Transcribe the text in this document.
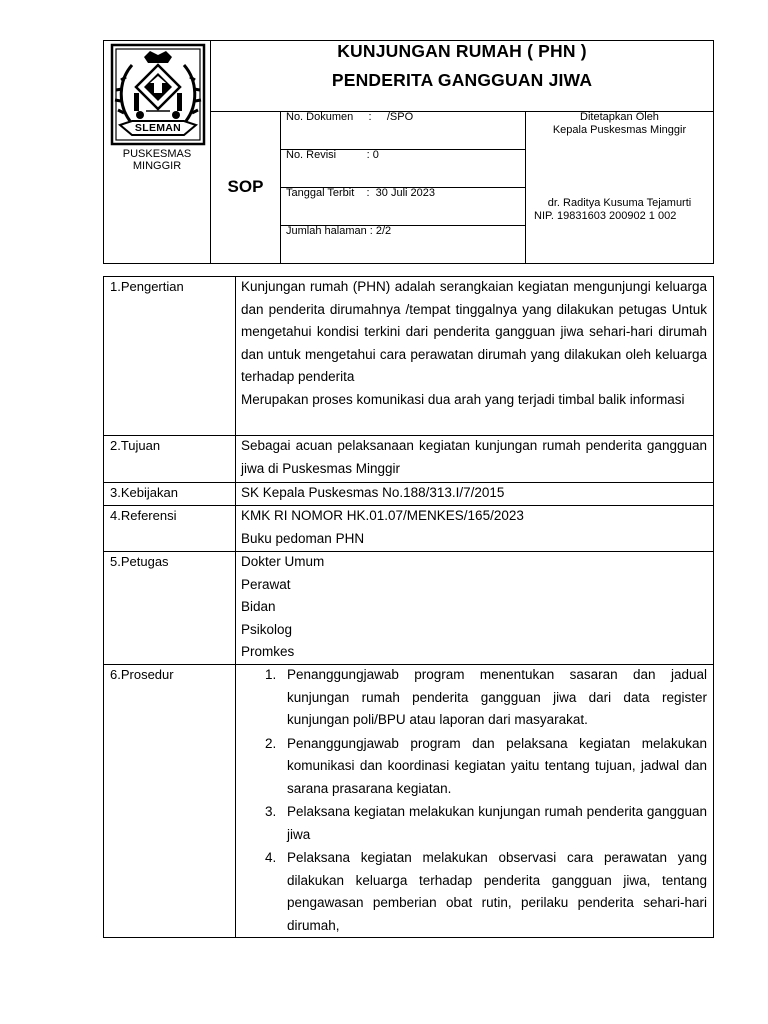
SLEMAN
PUSKESMAS
MINGGIR
KUNJUNGAN RUMAH ( PHN )
PENDERITA GANGGUAN JIWA
SOP
No. Dokumen     :     /SPO
No. Revisi          : 0
Tanggal Terbit    :  30 Juli 2023
Jumlah halaman : 2/2
Ditetapkan Oleh
Kepala Puskesmas Minggir
dr. Raditya Kusuma Tejamurti
NIP. 19831603 200902 1 002
1.Pengertian
2.Tujuan
3.Kebijakan
4.Referensi
5.Petugas
6.Prosedur

Kunjungan rumah (PHN) adalah serangkaian kegiatan mengunjungi keluarga dan penderita dirumahnya /tempat tinggalnya yang dilakukan petugas Untuk mengetahui kondisi terkini dari penderita gangguan jiwa sehari-hari dirumah dan untuk mengetahui cara perawatan dirumah yang dilakukan oleh keluarga terhadap penderita

Merupakan proses komunikasi dua arah yang terjadi timbal balik informasi

Sebagai acuan pelaksanaan kegiatan kunjungan rumah penderita gangguan jiwa di Puskesmas Minggir

SK Kepala Puskesmas No.188/313.I/7/2015

KMK RI NOMOR HK.01.07/MENKES/165/2023
Buku pedoman PHN
Dokter Umum
Perawat
Bidan
Psikolog
Promkes
1. Penanggungjawab program menentukan sasaran dan jadual kunjungan rumah penderita gangguan jiwa dari data register kunjungan poli/BPU atau laporan dari masyarakat.
2. Penanggungjawab program dan pelaksana kegiatan melakukan komunikasi dan koordinasi kegiatan yaitu tentang tujuan, jadwal dan sarana prasarana kegiatan.
3. Pelaksana kegiatan melakukan kunjungan rumah penderita gangguan jiwa
4. Pelaksana kegiatan melakukan observasi cara perawatan yang dilakukan keluarga terhadap penderita gangguan jiwa, tentang pengawasan pemberian obat rutin, perilaku penderita sehari-hari dirumah,
